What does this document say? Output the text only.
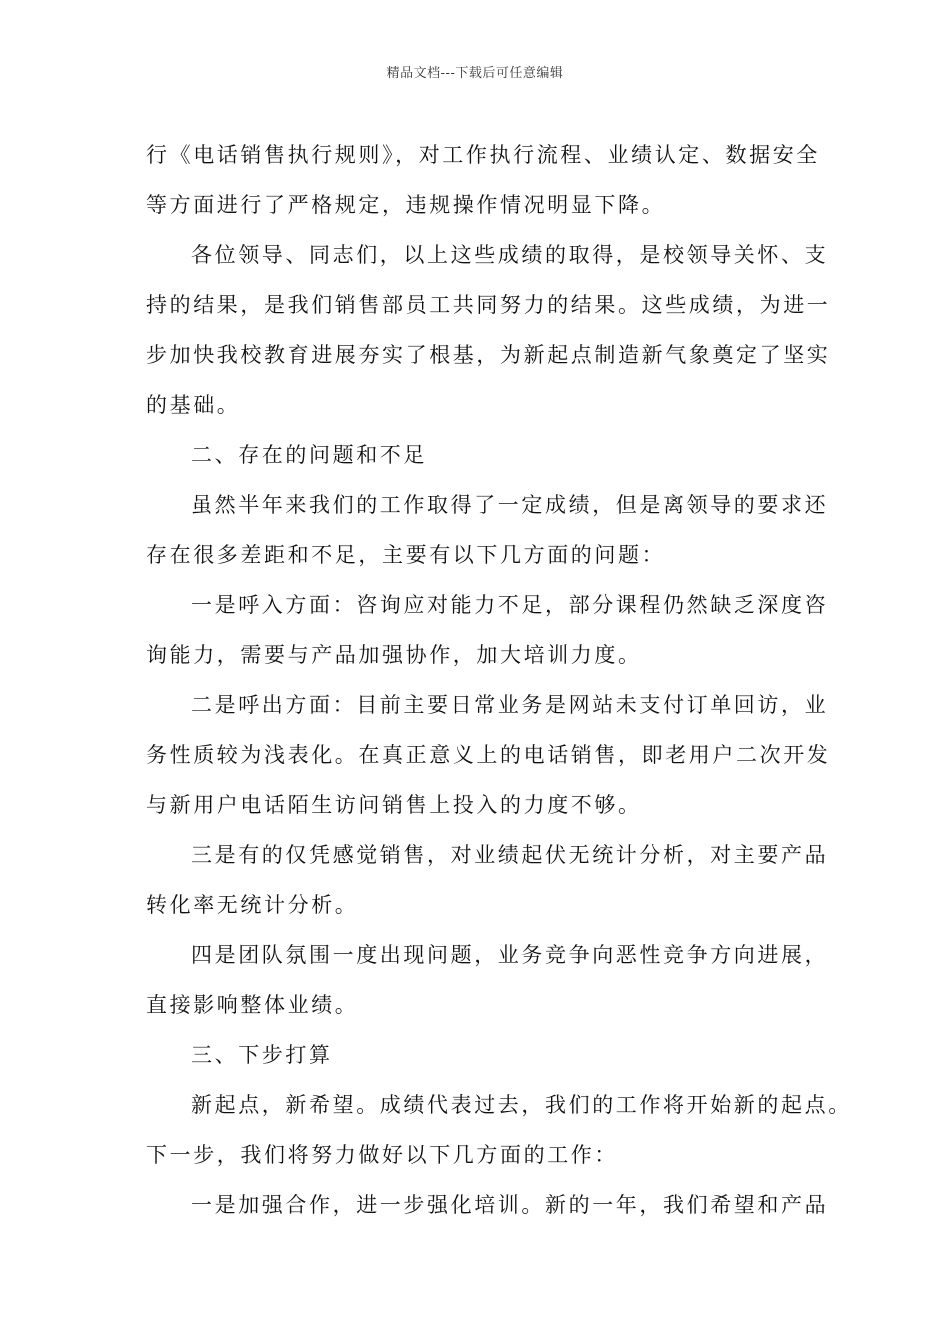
精品文档---下载后可任意编辑
行《电话销售执行规则》，对工作执行流程、业绩认定、数据安全
等方面进行了严格规定，违规操作情况明显下降。
各位领导、同志们，以上这些成绩的取得，是校领导关怀、支
持的结果，是我们销售部员工共同努力的结果。这些成绩，为进一
步加快我校教育进展夯实了根基，为新起点制造新气象奠定了坚实
的基础。
二、存在的问题和不足
虽然半年来我们的工作取得了一定成绩，但是离领导的要求还
存在很多差距和不足，主要有以下几方面的问题：
一是呼入方面：咨询应对能力不足，部分课程仍然缺乏深度咨
询能力，需要与产品加强协作，加大培训力度。
二是呼出方面：目前主要日常业务是网站未支付订单回访，业
务性质较为浅表化。在真正意义上的电话销售，即老用户二次开发
与新用户电话陌生访问销售上投入的力度不够。
三是有的仅凭感觉销售，对业绩起伏无统计分析，对主要产品
转化率无统计分析。
四是团队氛围一度出现问题，业务竞争向恶性竞争方向进展，
直接影响整体业绩。
三、下步打算
新起点，新希望。成绩代表过去，我们的工作将开始新的起点。
下一步，我们将努力做好以下几方面的工作：
一是加强合作，进一步强化培训。新的一年，我们希望和产品
